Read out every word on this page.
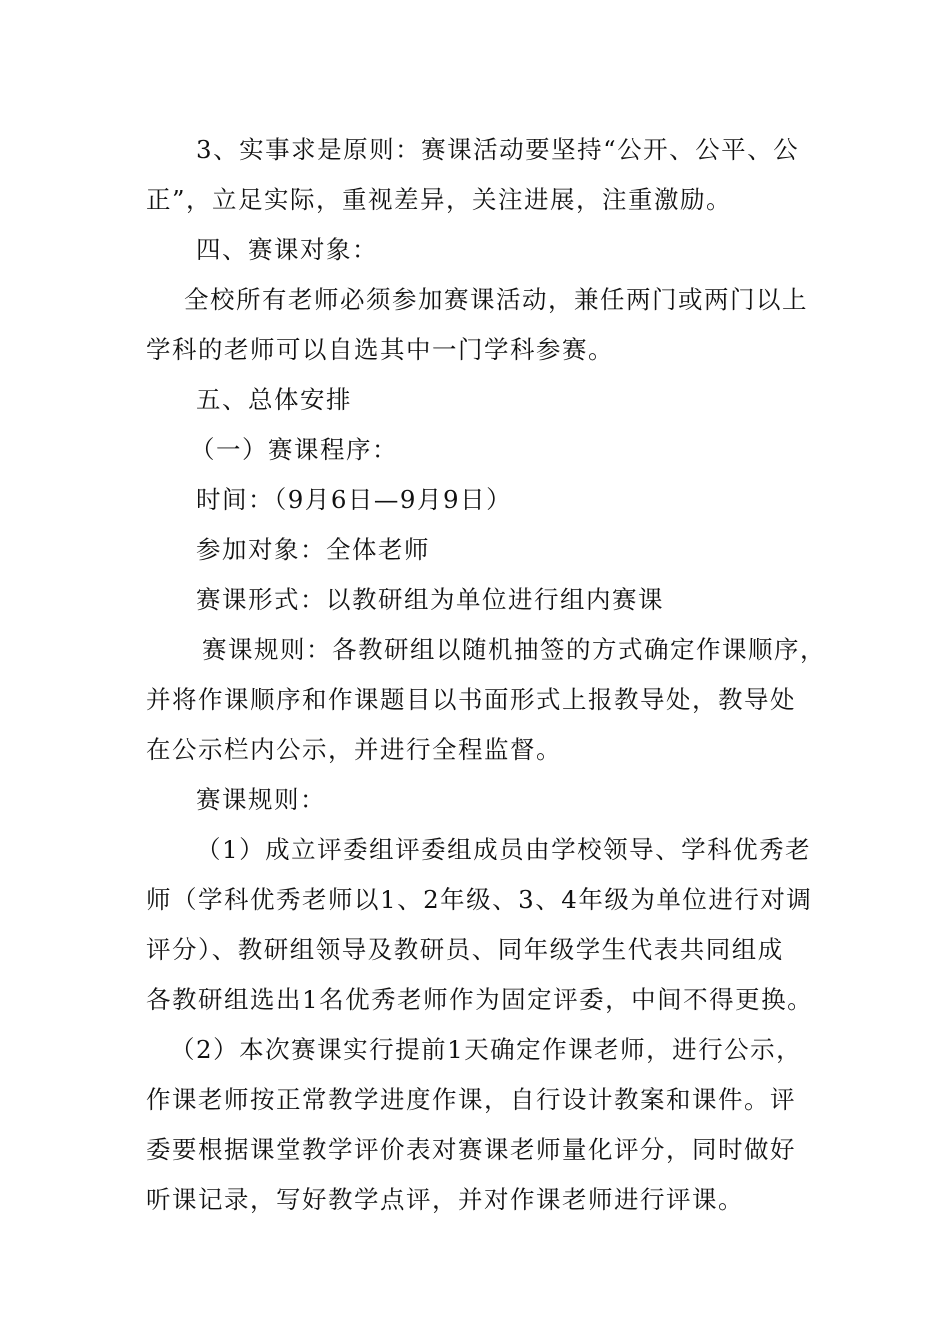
3、实事求是原则：赛课活动要坚持“公开、公平、公
正”，立足实际，重视差异，关注进展，注重激励。
四、赛课对象：
全校所有老师必须参加赛课活动，兼任两门或两门以上
学科的老师可以自选其中一门学科参赛。
五、总体安排
（一）赛课程序：
时间：（9月6日—9月9日）
参加对象：全体老师
赛课形式：以教研组为单位进行组内赛课
赛课规则：各教研组以随机抽签的方式确定作课顺序，
并将作课顺序和作课题目以书面形式上报教导处，教导处
在公示栏内公示，并进行全程监督。
赛课规则：
（1）成立评委组评委组成员由学校领导、学科优秀老
师（学科优秀老师以1、2年级、3、4年级为单位进行对调
评分）、教研组领导及教研员、同年级学生代表共同组成
各教研组选出1名优秀老师作为固定评委，中间不得更换。
（2）本次赛课实行提前1天确定作课老师，进行公示，
作课老师按正常教学进度作课，自行设计教案和课件。评
委要根据课堂教学评价表对赛课老师量化评分，同时做好
听课记录，写好教学点评，并对作课老师进行评课。
